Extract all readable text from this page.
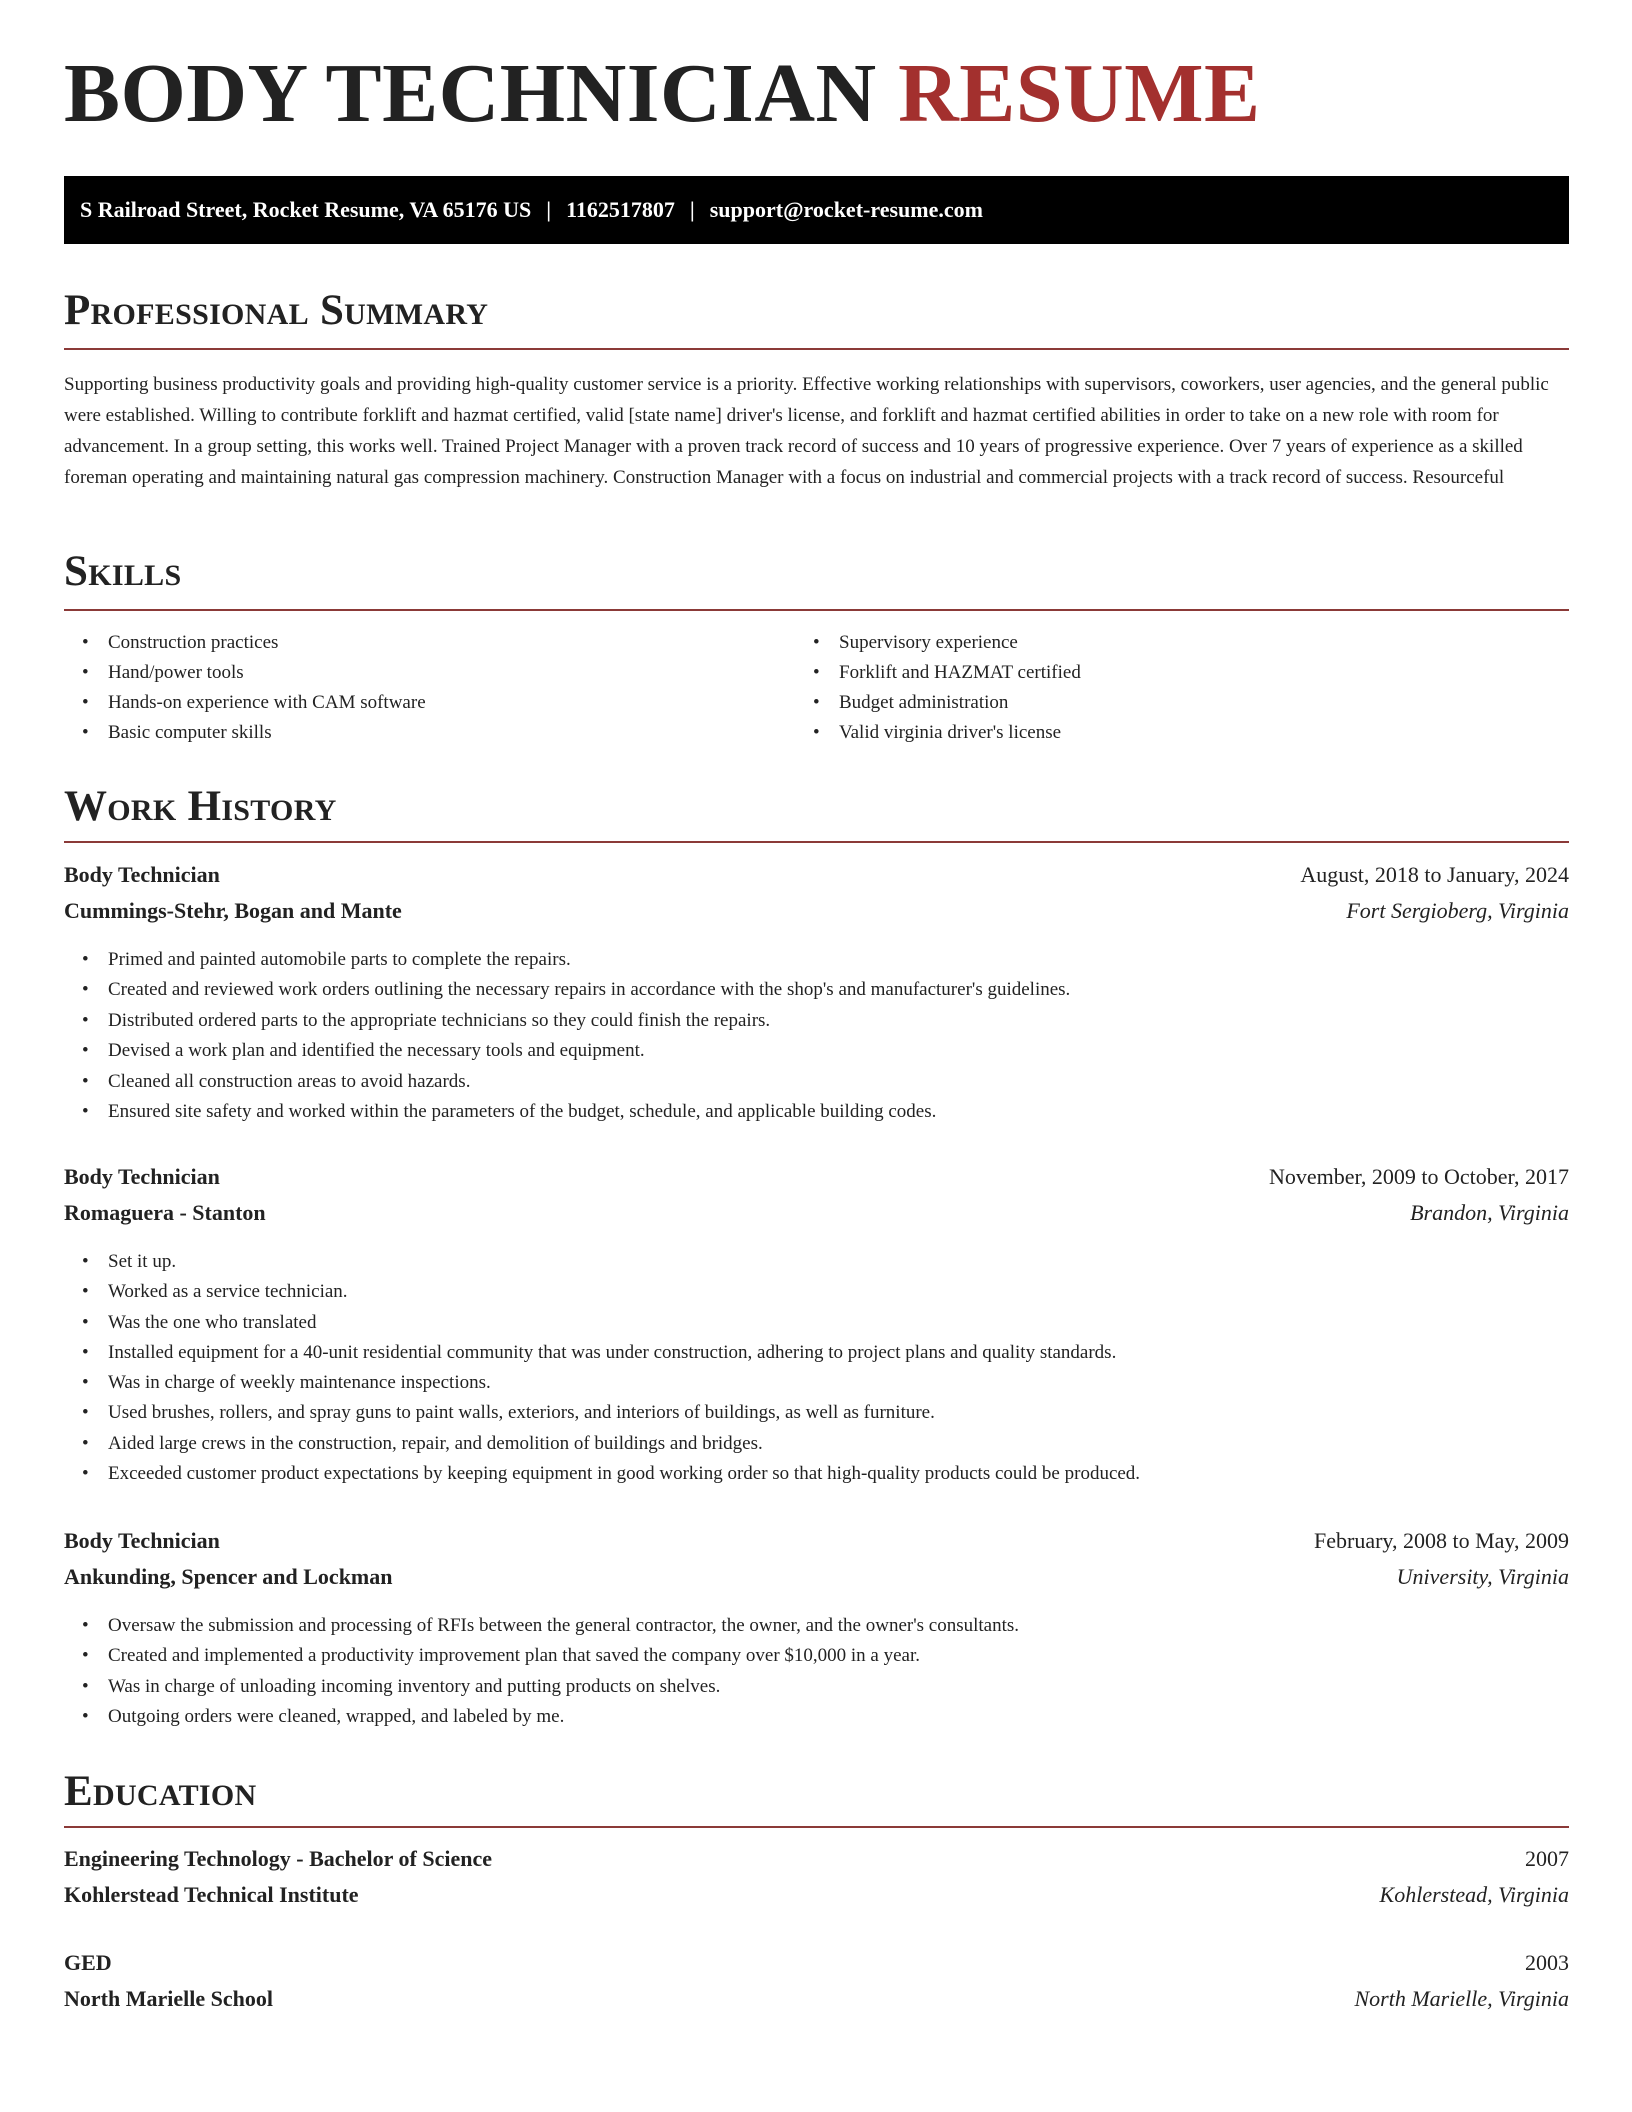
BODY TECHNICIAN RESUME
S Railroad Street, Rocket Resume, VA 65176 US | 1162517807 | support@rocket-resume.com
Professional Summary

Supporting business productivity goals and providing high-quality customer service is a priority. Effective working relationships with supervisors, coworkers, user agencies, and the general public were established. Willing to contribute forklift and hazmat certified, valid [state name] driver's license, and forklift and hazmat certified abilities in order to take on a new role with room for advancement. In a group setting, this works well. Trained Project Manager with a proven track record of success and 10 years of progressive experience. Over 7 years of experience as a skilled foreman operating and maintaining natural gas compression machinery. Construction Manager with a focus on industrial and commercial projects with a track record of success. Resourceful

Skills
• Construction practices
• Hand/power tools
• Hands-on experience with CAM software
• Basic computer skills
• Supervisory experience
• Forklift and HAZMAT certified
• Budget administration
• Valid virginia driver's license
Work History
Body Technician	August, 2018 to January, 2024
Cummings-Stehr, Bogan and Mante	Fort Sergioberg, Virginia
• Primed and painted automobile parts to complete the repairs.
• Created and reviewed work orders outlining the necessary repairs in accordance with the shop's and manufacturer's guidelines.
• Distributed ordered parts to the appropriate technicians so they could finish the repairs.
• Devised a work plan and identified the necessary tools and equipment.
• Cleaned all construction areas to avoid hazards.
• Ensured site safety and worked within the parameters of the budget, schedule, and applicable building codes.
Body Technician	November, 2009 to October, 2017
Romaguera - Stanton	Brandon, Virginia
• Set it up.
• Worked as a service technician.
• Was the one who translated
• Installed equipment for a 40-unit residential community that was under construction, adhering to project plans and quality standards.
• Was in charge of weekly maintenance inspections.
• Used brushes, rollers, and spray guns to paint walls, exteriors, and interiors of buildings, as well as furniture.
• Aided large crews in the construction, repair, and demolition of buildings and bridges.
• Exceeded customer product expectations by keeping equipment in good working order so that high-quality products could be produced.
Body Technician	February, 2008 to May, 2009
Ankunding, Spencer and Lockman	University, Virginia
• Oversaw the submission and processing of RFIs between the general contractor, the owner, and the owner's consultants.
• Created and implemented a productivity improvement plan that saved the company over $10,000 in a year.
• Was in charge of unloading incoming inventory and putting products on shelves.
• Outgoing orders were cleaned, wrapped, and labeled by me.
Education
Engineering Technology - Bachelor of Science	2007
Kohlerstead Technical Institute	Kohlerstead, Virginia
GED	2003
North Marielle School	North Marielle, Virginia
